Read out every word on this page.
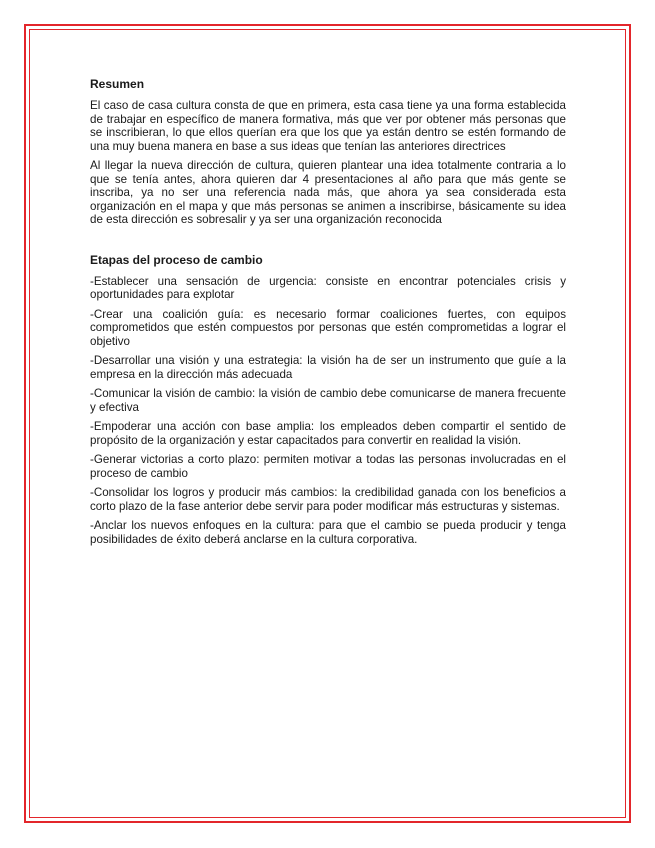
Resumen

El caso de casa cultura consta de que en primera, esta casa tiene ya una forma establecida de trabajar en específico de manera formativa, más que ver por obtener más personas que se inscribieran, lo que ellos querían era que los que ya están dentro se estén formando de una muy buena manera en base a sus ideas que tenían las anteriores directrices

Al llegar la nueva dirección de cultura, quieren plantear una idea totalmente contraria a lo que se tenía antes, ahora quieren dar 4 presentaciones al año para que más gente se inscriba, ya no ser una referencia nada más, que ahora ya sea considerada esta organización en el mapa y que más personas se animen a inscribirse, básicamente su idea de esta dirección es sobresalir y ya ser una organización reconocida

Etapas del proceso de cambio

-Establecer una sensación de urgencia: consiste en encontrar potenciales crisis y oportunidades para explotar

-Crear una coalición guía: es necesario formar coaliciones fuertes, con equipos comprometidos que estén compuestos por personas que estén comprometidas a lograr el objetivo

-Desarrollar una visión y una estrategia: la visión ha de ser un instrumento que guíe a la empresa en la dirección más adecuada

-Comunicar la visión de cambio: la visión de cambio debe comunicarse de manera frecuente y efectiva

-Empoderar una acción con base amplia: los empleados deben compartir el sentido de propósito de la organización y estar capacitados para convertir en realidad la visión.

-Generar victorias a corto plazo: permiten motivar a todas las personas involucradas en el proceso de cambio

-Consolidar los logros y producir más cambios: la credibilidad ganada con los beneficios a corto plazo de la fase anterior debe servir para poder modificar más estructuras y sistemas.

-Anclar los nuevos enfoques en la cultura: para que el cambio se pueda producir y tenga posibilidades de éxito deberá anclarse en la cultura corporativa.
